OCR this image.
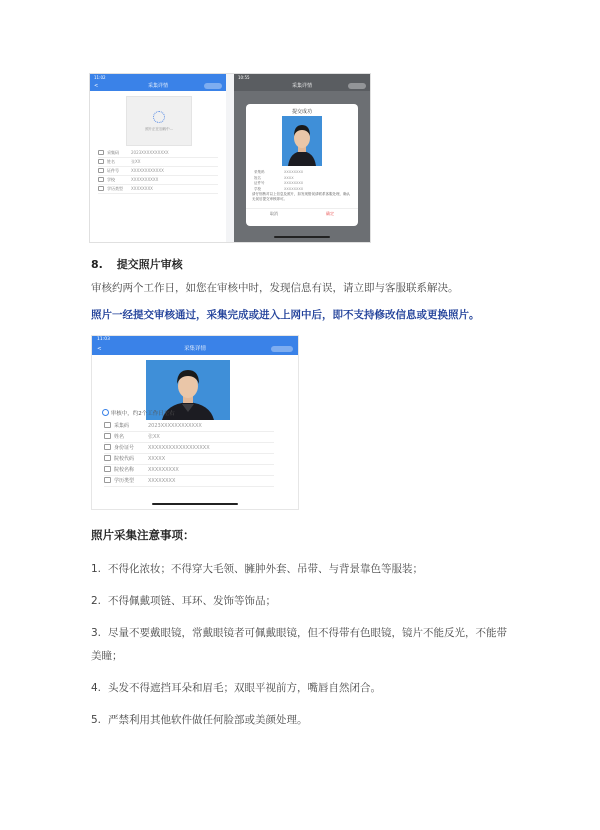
11:02
<	采集详情
照片正在加载中...
采集码	2023XXXXXXXXXX
姓名	张XX
证件号	XXXXXXXXXXXX
学校	XXXXXXXXXX
学历类型 XXXXXXXX
10:55
采集详情
提交成功
采集码	XXXXXXXX
姓名	XXXX
证件号	XXXXXXXX
学校	XXXXXXXX
请仔细核对以上信息及照片，如发现错误请联系客服处理，确认无误后提交审核即可。
取消	确定
8. 提交照片审核
审核约两个工作日，如您在审核中时，发现信息有误，请立即与客服联系解决。
照片一经提交审核通过，采集完成或进入上网中后，即不支持修改信息或更换照片。
11:03
<	采集详情
审核中，约2个工作日左右
采集码	2023XXXXXXXXXXXX
姓名	张XX
身份证号	XXXXXXXXXXXXXXXXXX
院校代码	XXXXX
院校名称	XXXXXXXXX
学历类型	XXXXXXXX
照片采集注意事项：
1. 不得化浓妆；不得穿大毛领、臃肿外套、吊带、与背景靠色等服装；
2. 不得佩戴项链、耳环、发饰等饰品；
3. 尽量不要戴眼镜，常戴眼镜者可佩戴眼镜，但不得带有色眼镜，镜片不能反光，不能带
美瞳；
4. 头发不得遮挡耳朵和眉毛；双眼平视前方，嘴唇自然闭合。
5. 严禁利用其他软件做任何脸部或美颜处理。
